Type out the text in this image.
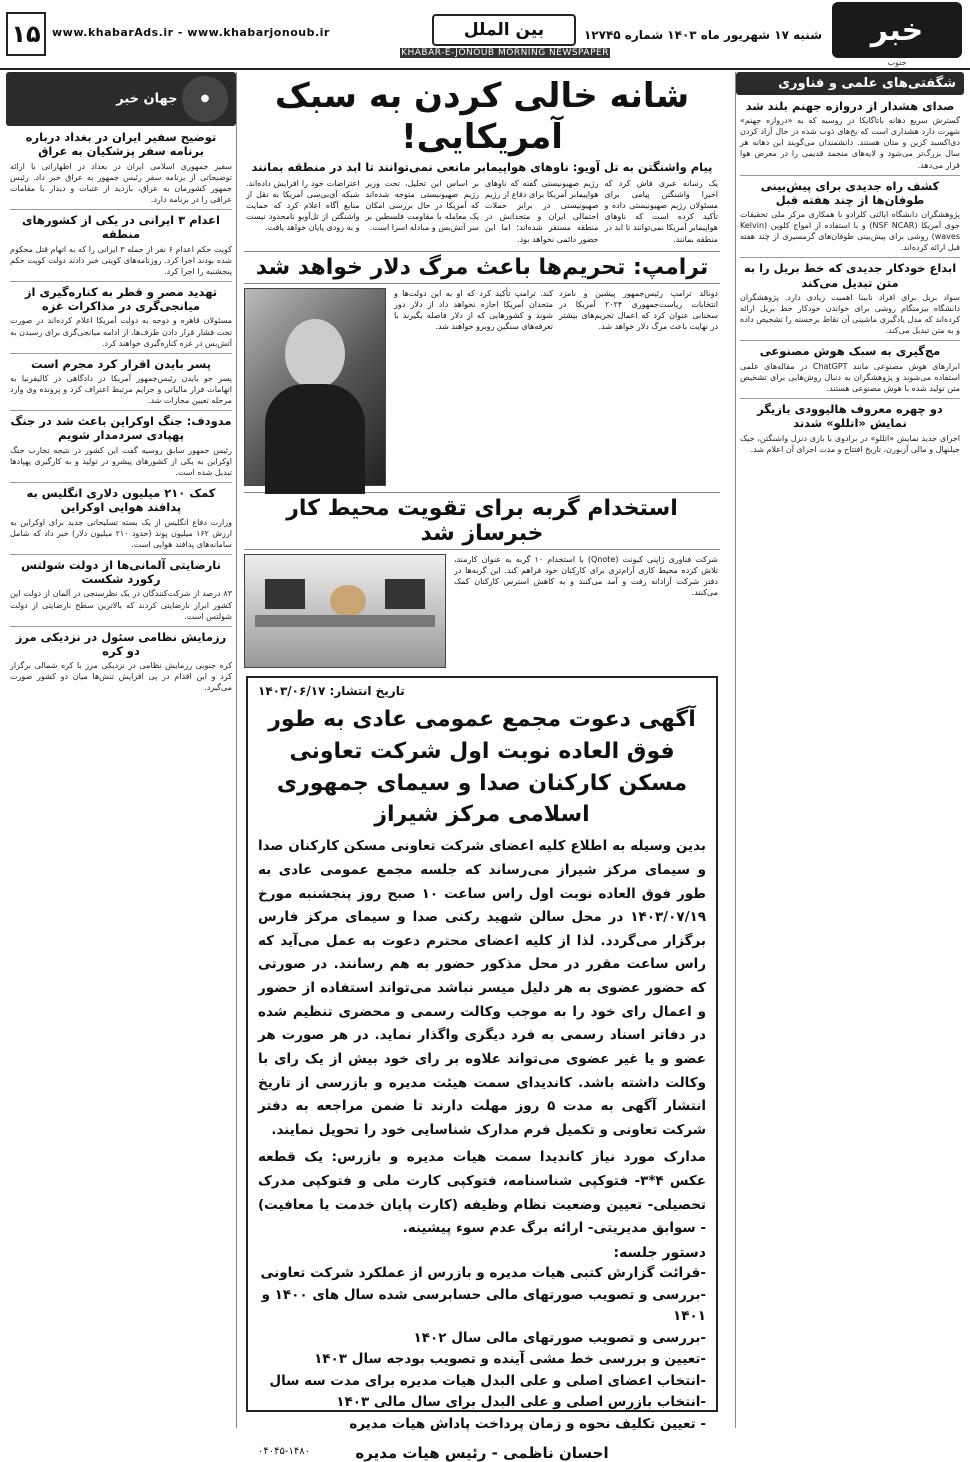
۱۵	www.khabarAds.ir - www.khabarjonoub.ir	بین الملل
KHABAR-E-JONOUB MORNING NEWSPAPER
شنبه ۱۷ شهریور ماه ۱۴۰۳ شماره ۱۲۷۴۵	خبر
جنوب
شگفتی‌های علمی و فناوری
صدای هشدار از دروازه جهنم بلند شد

گسترش سریع دهانه باتاگایکا در روسیه که به «دروازه جهنم» شهرت دارد هشداری است که یخ‌های ذوب شده در حال آزاد کردن دی‌اکسید کربن و متان هستند. دانشمندان می‌گویند این دهانه هر سال بزرگ‌تر می‌شود و لایه‌های منجمد قدیمی را در معرض هوا قرار می‌دهد.

کشف راه جدیدی برای پیش‌بینی طوفان‌ها از چند هفته قبل

پژوهشگران دانشگاه ایالتی کلرادو با همکاری مرکز ملی تحقیقات جوی آمریکا (NSF NCAR) و با استفاده از امواج کلوین (Kelvin waves) روشی برای پیش‌بینی طوفان‌های گرمسیری از چند هفته قبل ارائه کرده‌اند.

ابداع خودکار جدیدی که خط بریل را به متن تبدیل می‌کند

سواد بریل برای افراد نابینا اهمیت زیادی دارد. پژوهشگران دانشگاه بیرمنگام روشی برای خواندن خودکار خط بریل ارائه کرده‌اند که مدل یادگیری ماشینی آن نقاط برجسته را تشخیص داده و به متن تبدیل می‌کند.

مچ‌گیری به سبک هوش مصنوعی

ابزارهای هوش مصنوعی مانند ChatGPT در مقاله‌های علمی استفاده می‌شوند و پژوهشگران به دنبال روش‌هایی برای تشخیص متن تولید شده با هوش مصنوعی هستند.

دو چهره معروف هالیوودی بازیگر نمایش «اتللو» شدند

اجرای جدید نمایش «اتللو» در برادوی با بازی دنزل واشنگتن، جیک جیلنهال و مالی آزبورن، تاریخ افتتاح و مدت اجرای آن اعلام شد.

● جهان خبر
توضیح سفیر ایران در بغداد درباره برنامه سفر پزشکیان به عراق

سفیر جمهوری اسلامی ایران در بغداد در اظهاراتی با ارائه توضیحاتی از برنامه سفر رئیس جمهور به عراق خبر داد. رئیس جمهور کشورمان به عراق، بازدید از عتبات و دیدار با مقامات عراقی را در برنامه دارد.

اعدام ۳ ایرانی در یکی از کشورهای منطقه

کویت حکم اعدام ۶ نفر از جمله ۳ ایرانی را که به اتهام قتل محکوم شده بودند اجرا کرد. روزنامه‌های کویتی خبر دادند دولت کویت حکم پنجشنبه را اجرا کرد.

تهدید مصر و قطر به کناره‌گیری از میانجی‌گری در مذاکرات غزه

مسئولان قاهره و دوحه به دولت آمریکا اعلام کرده‌اند در صورت تحت فشار قرار دادن طرف‌ها، از ادامه میانجی‌گری برای رسیدن به آتش‌بس در غزه کناره‌گیری خواهند کرد.

پسر بایدن اقرار کرد مجرم است

پسر جو بایدن رئیس‌جمهور آمریکا در دادگاهی در کالیفرنیا به اتهامات فرار مالیاتی و جرایم مرتبط اعتراف کرد و پرونده وی وارد مرحله تعیین مجازات شد.

مدودف: جنگ اوکراین باعث شد در جنگ پهپادی سردمدار شویم

رئیس جمهور سابق روسیه گفت این کشور در نتیجه تجارب جنگ اوکراین به یکی از کشورهای پیشرو در تولید و به کارگیری پهپادها تبدیل شده است.

کمک ۲۱۰ میلیون دلاری انگلیس به پدافند هوایی اوکراین

وزارت دفاع انگلیس از یک بسته تسلیحاتی جدید برای اوکراین به ارزش ۱۶۲ میلیون پوند (حدود ۲۱۰ میلیون دلار) خبر داد که شامل سامانه‌های پدافند هوایی است.

نارضایتی آلمانی‌ها از دولت شولتس رکورد شکست

۸۳ درصد از شرکت‌کنندگان در یک نظرسنجی در آلمان از دولت این کشور ابراز نارضایتی کردند که بالاترین سطح نارضایتی از دولت شولتس است.

رزمایش نظامی سئول در نزدیکی مرز دو کره

کره جنوبی رزمایش نظامی در نزدیکی مرز با کره شمالی برگزار کرد و این اقدام در پی افزایش تنش‌ها میان دو کشور صورت می‌گیرد.

شانه خالی کردن به سبک آمریکایی!
پیام واشنگتن به تل آویو: ناوهای هواپیمابر مانعی نمی‌توانند تا ابد در منطقه بمانند

یک رسانه عبری فاش کرد که اخیرا واشنگتن پیامی برای مسئولان رژیم صهیونیستی داده و تأکید کرده است که ناوهای هواپیمابر آمریکا نمی‌توانند تا ابد در منطقه بمانند.

رژیم صهیونیستی گفته که ناوهای هواپیمابر آمریکا برای دفاع از رژیم صهیونیستی در برابر حملات احتمالی ایران و متحدانش در منطقه مستقر شده‌اند؛ اما این حضور دائمی نخواهد بود.

بر اساس این تحلیل، تحت وزیر رژیم صهیونیستی متوجه شده‌اند که آمریکا در حال بررسی امکان یک معامله با مقاومت فلسطین بر سر آتش‌بس و مبادله اسرا است.

اعتراضات خود را افزایش داده‌اند. شبکه آی‌بی‌سی آمریکا به نقل از منابع آگاه اعلام کرد که حمایت واشنگتن از تل‌آویو نامحدود نیست و به زودی پایان خواهد یافت.

ترامپ: تحریم‌ها باعث مرگ دلار خواهد شد

دونالد ترامپ رئیس‌جمهور پیشین و نامزد انتخابات ریاست‌جمهوری ۲۰۲۴ آمریکا در سخنانی عنوان کرد که اعمال تحریم‌های بیشتر در نهایت باعث مرگ دلار خواهد شد.

کند. ترامپ تأکید کرد که او به این دولت‌ها و متحدان آمریکا اجازه نخواهد داد از دلار دور شوند و کشورهایی که از دلار فاصله بگیرند با تعرفه‌های سنگین روبرو خواهند شد.

استخدام گربه برای تقویت محیط کار خبرساز شد

شرکت فناوری ژاپنی کیونت (Qnote) با استخدام ۱۰ گربه به عنوان کارمند، تلاش کرده محیط کاری آرام‌تری برای کارکنان خود فراهم کند. این گربه‌ها در دفتر شرکت آزادانه رفت و آمد می‌کنند و به کاهش استرس کارکنان کمک می‌کنند.

تاریخ انتشار: ۱۴۰۳/۰۶/۱۷
آگهی دعوت مجمع عمومی عادی به طور فوق العاده نوبت اول شرکت تعاونی مسکن کارکنان صدا و سیمای جمهوری اسلامی مرکز شیراز
بدین وسیله به اطلاع کلیه اعضای شرکت تعاونی مسکن کارکنان صدا و سیمای مرکز شیراز می‌رساند که جلسه مجمع عمومی عادی به طور فوق العاده نوبت اول راس ساعت ۱۰ صبح روز پنجشنبه مورخ ۱۴۰۳/۰۷/۱۹ در محل سالن شهید رکنی صدا و سیمای مرکز فارس برگزار می‌گردد. لذا از کلیه اعضای محترم دعوت به عمل می‌آید که راس ساعت مقرر در محل مذکور حضور به هم رسانند. در صورتی که حضور عضوی به هر دلیل میسر نباشد می‌تواند استفاده از حضور و اعمال رای خود را به موجب وکالت رسمی و محضری تنظیم شده در دفاتر اسناد رسمی به فرد دیگری واگذار نماید. در هر صورت هر عضو و یا غیر عضوی می‌تواند علاوه بر رای خود بیش از یک رای با وکالت داشته باشد. کاندیدای سمت هیئت مدیره و بازرسی از تاریخ انتشار آگهی به مدت ۵ روز مهلت دارند تا ضمن مراجعه به دفتر شرکت تعاونی و تکمیل فرم مدارک شناسایی خود را تحویل نمایند.
مدارک مورد نیاز کاندیدا سمت هیات مدیره و بازرس: یک قطعه عکس ۴*۳- فتوکپی شناسنامه، فتوکپی کارت ملی و فتوکپی مدرک تحصیلی- تعیین وضعیت نظام وظیفه (کارت پایان خدمت یا معافیت) - سوابق مدیریتی- ارائه برگ عدم سوء پیشینه.
دستور جلسه:

-قرائت گزارش کتبی هیات مدیره و بازرس از عملکرد شرکت تعاونی

-بررسی و تصویب صورتهای مالی حسابرسی شده سال های ۱۴۰۰ و ۱۴۰۱

-بررسی و تصویب صورتهای مالی سال ۱۴۰۲

-تعیین و بررسی خط مشی آینده و تصویب بودجه سال ۱۴۰۳

-انتخاب اعضای اصلی و علی البدل هیات مدیره برای مدت سه سال

-انتخاب بازرس اصلی و علی البدل برای سال مالی ۱۴۰۳

- تعیین تکلیف نحوه و زمان پرداخت پاداش هیات مدیره

احسان ناظمی - رئیس هیات مدیره
۰۴۰۴۵-۱۴۸۰
